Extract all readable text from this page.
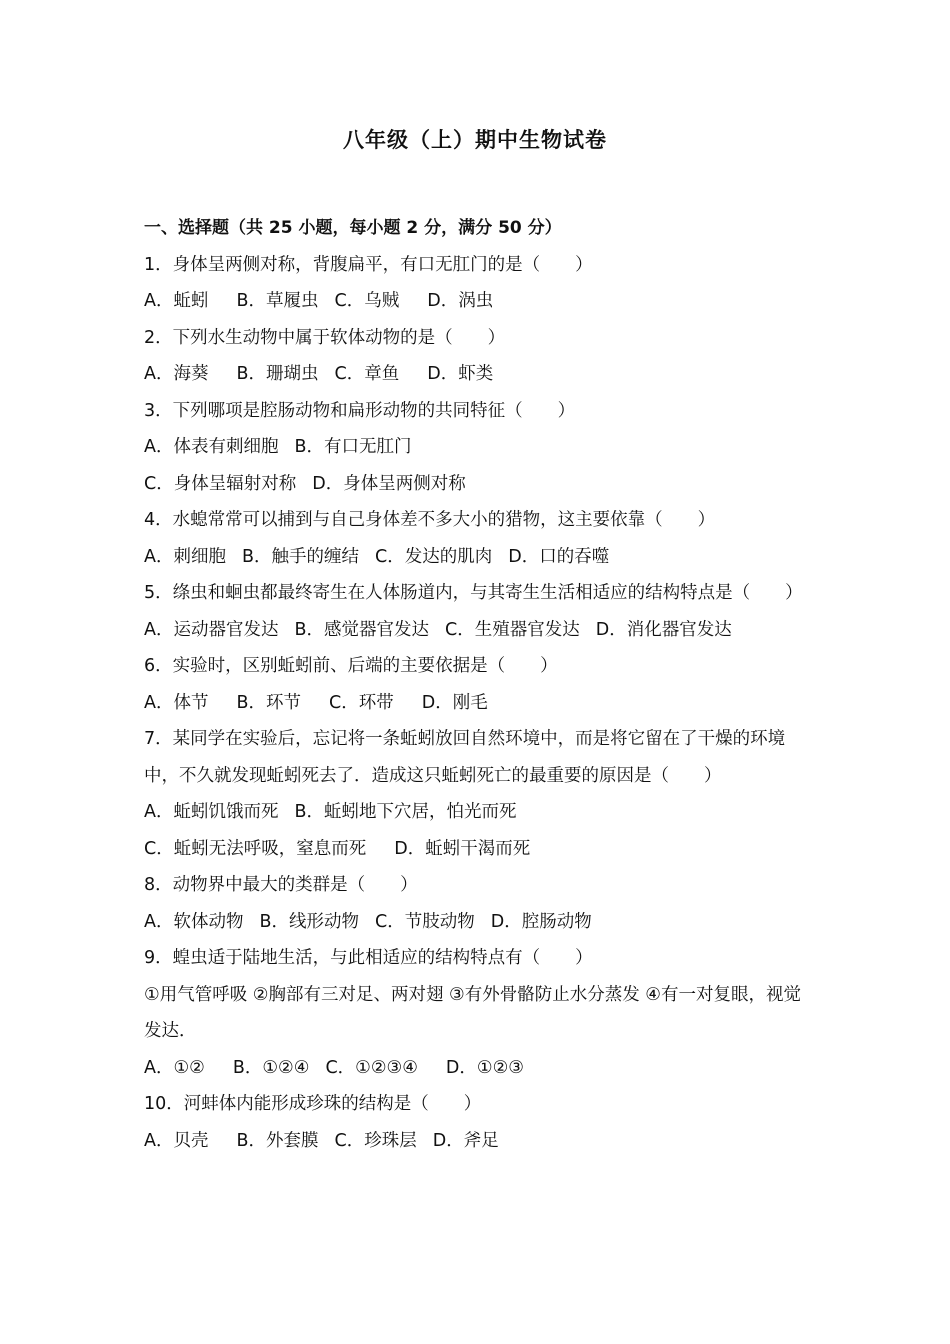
八年级（上）期中生物试卷
一、选择题（共 25 小题，每小题 2 分，满分 50 分）
1．身体呈两侧对称，背腹扁平，有口无肛门的是（　　）
A．蚯蚓 B．草履虫 C．乌贼 D．涡虫
2．下列水生动物中属于软体动物的是（　　）
A．海葵 B．珊瑚虫 C．章鱼 D．虾类
3．下列哪项是腔肠动物和扁形动物的共同特征（　　）
A．体表有刺细胞 B．有口无肛门
C．身体呈辐射对称 D．身体呈两侧对称
4．水螅常常可以捕到与自己身体差不多大小的猎物，这主要依靠（　　）
A．刺细胞 B．触手的缠结 C．发达的肌肉 D．口的吞噬
5．绦虫和蛔虫都最终寄生在人体肠道内，与其寄生生活相适应的结构特点是（　　）
A．运动器官发达 B．感觉器官发达 C．生殖器官发达 D．消化器官发达
6．实验时，区别蚯蚓前、后端的主要依据是（　　）
A．体节 B．环节 C．环带 D．刚毛
7．某同学在实验后，忘记将一条蚯蚓放回自然环境中，而是将它留在了干燥的环境中，不久就发现蚯蚓死去了．造成这只蚯蚓死亡的最重要的原因是（　　）
A．蚯蚓饥饿而死 B．蚯蚓地下穴居，怕光而死
C．蚯蚓无法呼吸，窒息而死 D．蚯蚓干渴而死
8．动物界中最大的类群是（　　）
A．软体动物 B．线形动物 C．节肢动物 D．腔肠动物
9．蝗虫适于陆地生活，与此相适应的结构特点有（　　）
①用气管呼吸 ②胸部有三对足、两对翅 ③有外骨骼防止水分蒸发 ④有一对复眼，视觉发达．
A．①② B．①②④ C．①②③④ D．①②③
10．河蚌体内能形成珍珠的结构是（　　）
A．贝壳 B．外套膜 C．珍珠层 D．斧足
